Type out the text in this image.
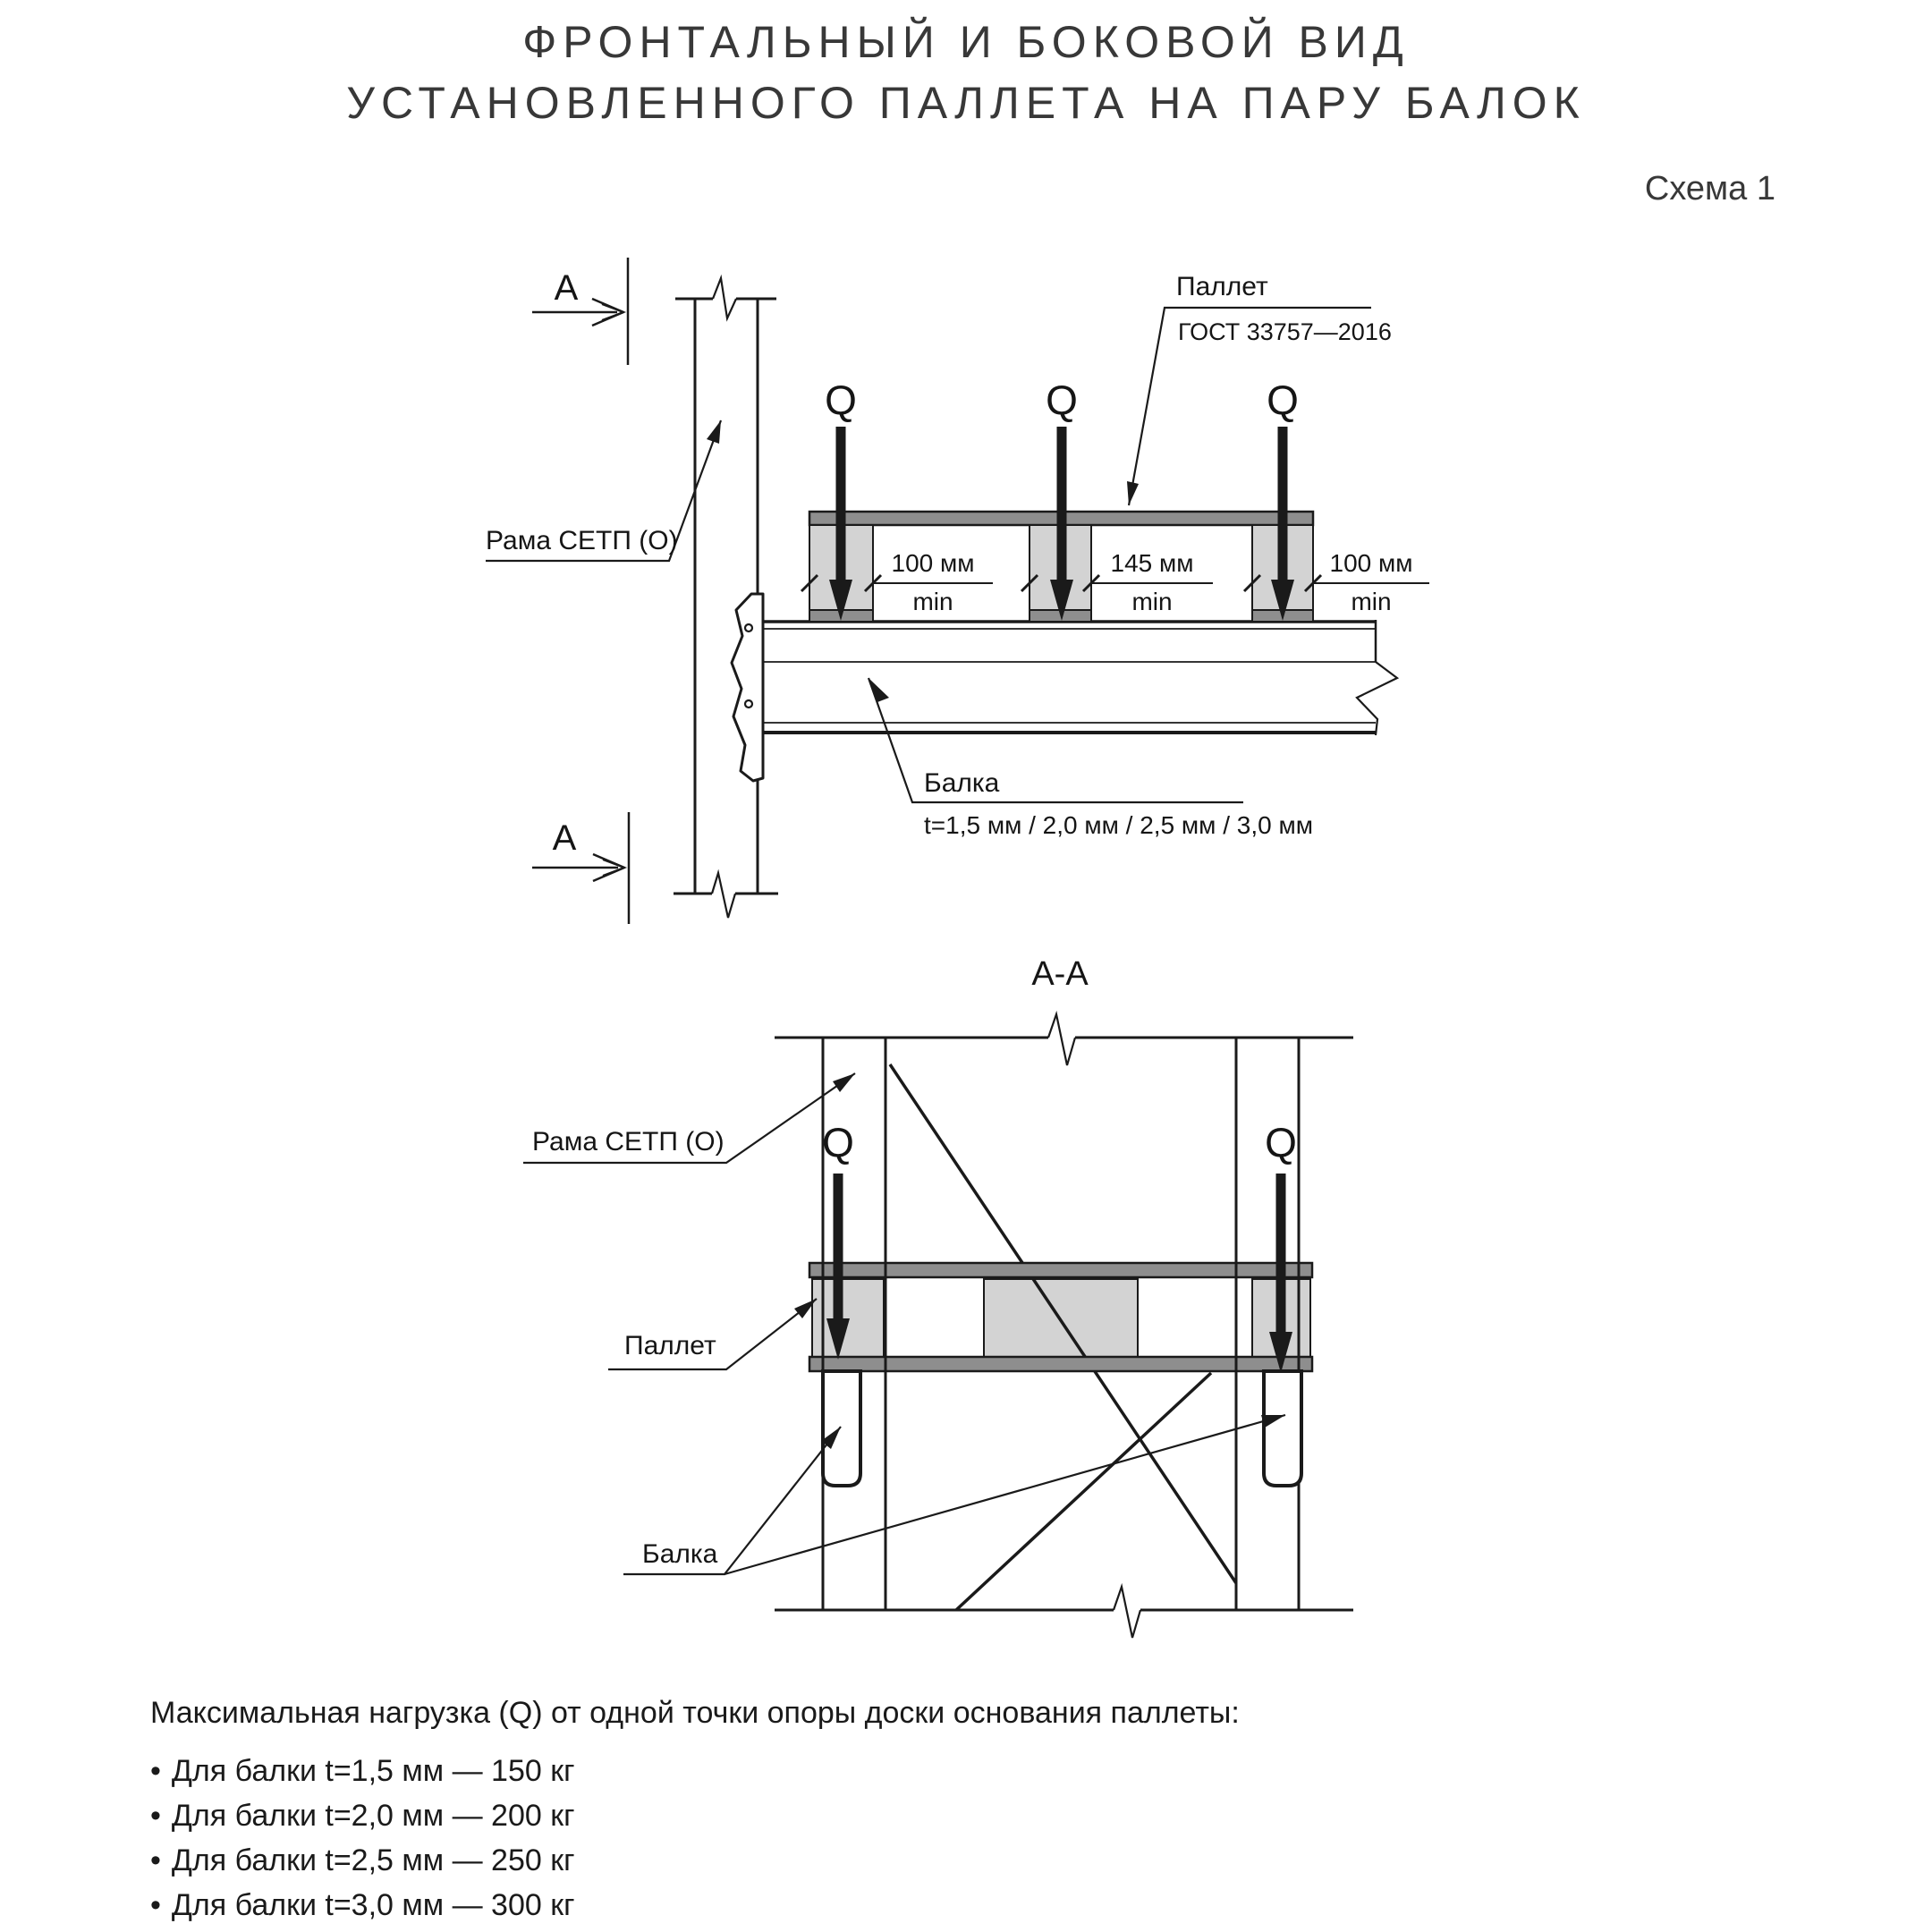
ФРОНТАЛЬНЫЙ И БОКОВОЙ ВИД
УСТАНОВЛЕННОГО ПАЛЛЕТА НА ПАРУ БАЛОК
Схема 1
A
A
Q	Q	Q
Рама СЕТП (О)
Паллет
ГОСТ 33757—2016
100 мм
min
145 мм
min
100 мм
min
Балка
t=1,5 мм / 2,0 мм / 2,5 мм / 3,0 мм
A-A
Q	Q
Рама СЕТП (О)
Паллет
Балка
Максимальная нагрузка (Q) от одной точки опоры доски основания паллеты:
• Для балки t=1,5 мм — 150 кг
• Для балки t=2,0 мм — 200 кг
• Для балки t=2,5 мм — 250 кг
• Для балки t=3,0 мм — 300 кг
